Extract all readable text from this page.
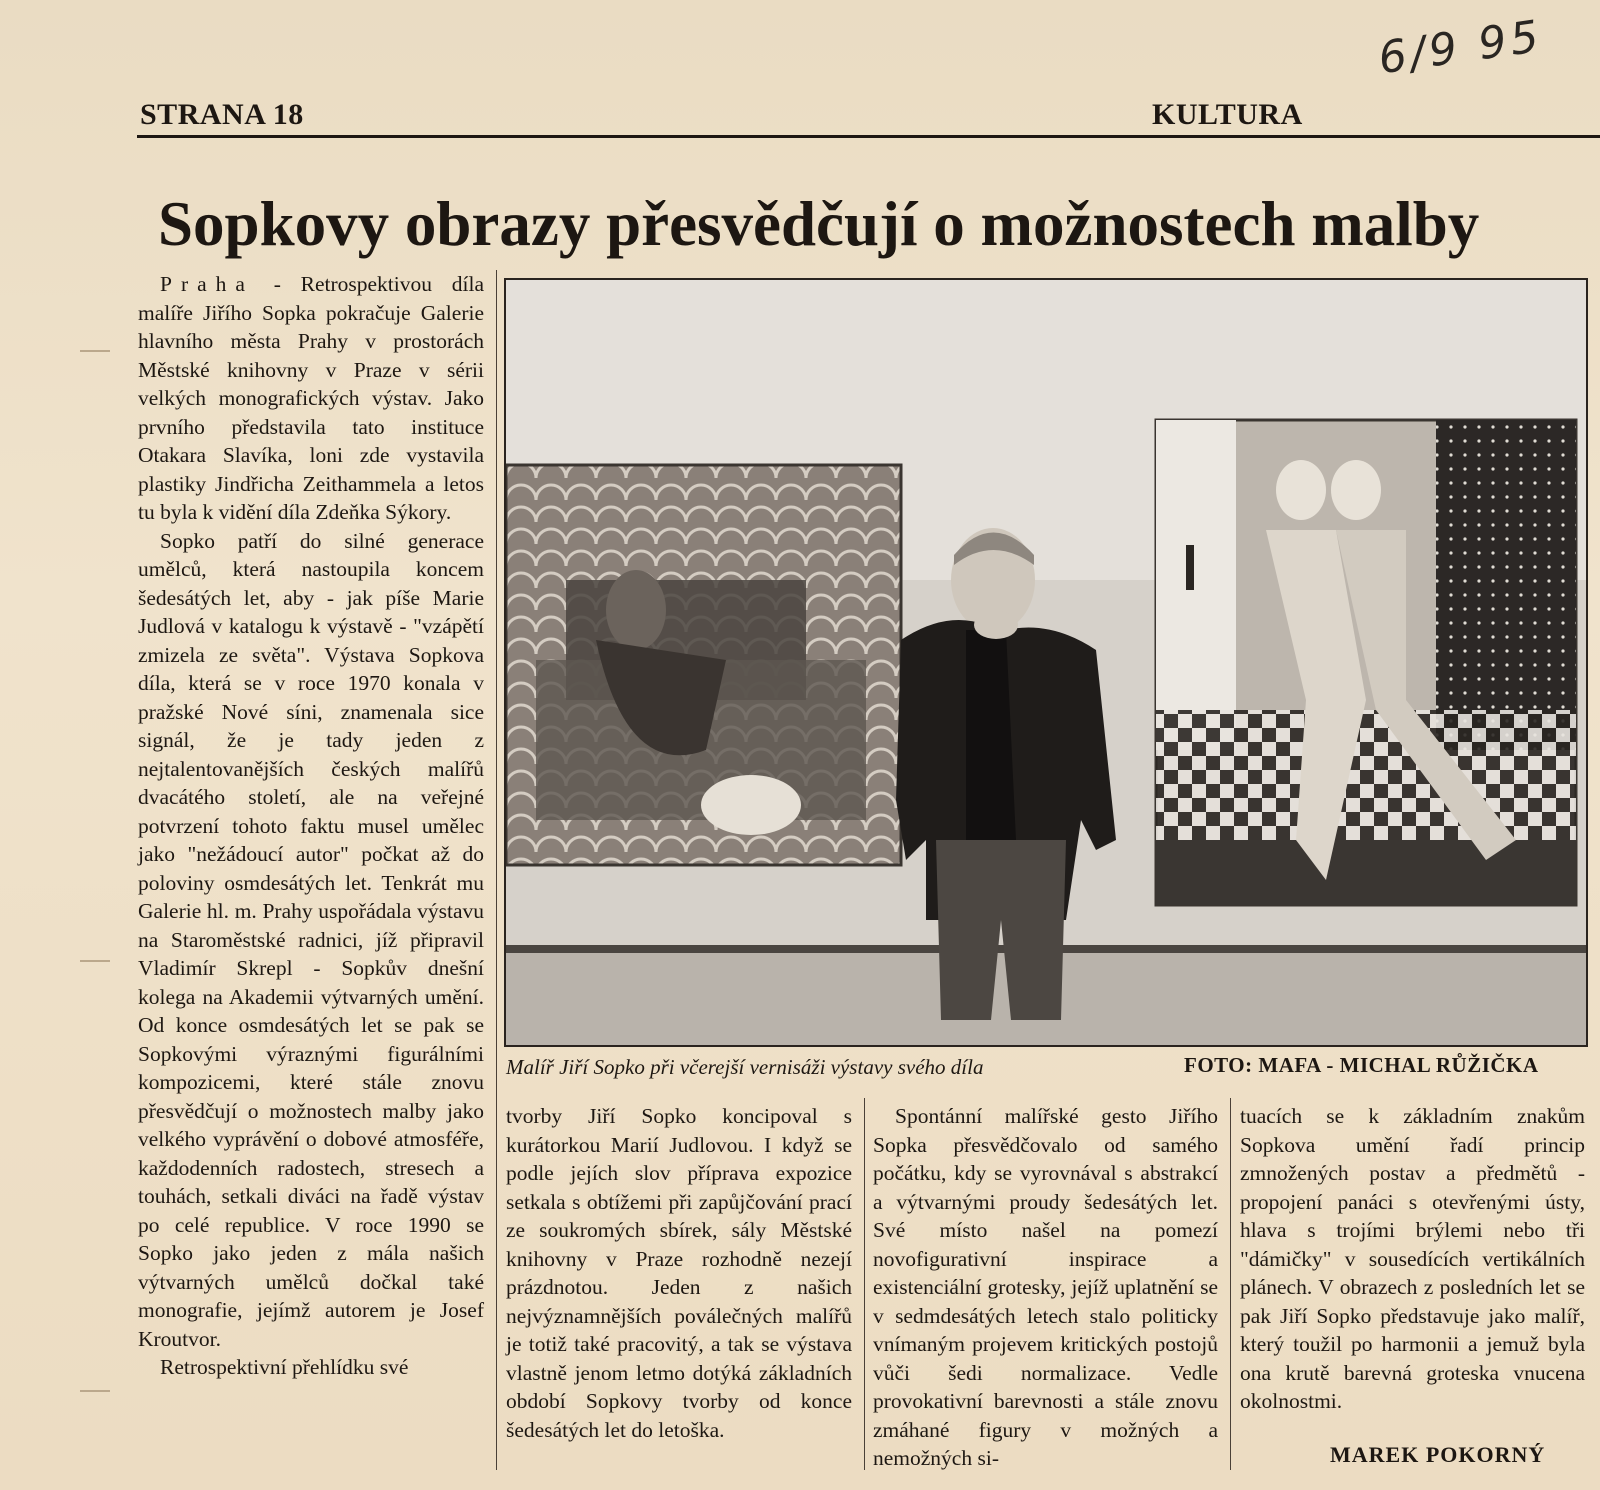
6/9 95
STRANA 18	KULTURA
Sopkovy obrazy přesvědčují o možnostech malby

Praha - Retrospektivou díla malíře Jiřího Sopka pokračuje Galerie hlavního města Prahy v prostorách Městské knihovny v Praze v sérii velkých monografických výstav. Jako prvního představila tato instituce Otakara Slavíka, loni zde vystavila plastiky Jindřicha Zeithammela a letos tu byla k vidění díla Zdeňka Sýkory.

Sopko patří do silné generace umělců, která nastoupila koncem šedesátých let, aby - jak píše Marie Judlová v katalogu k výstavě - "vzápětí zmizela ze světa". Výstava Sopkova díla, která se v roce 1970 konala v pražské Nové síni, znamenala sice signál, že je tady jeden z nejtalentovanějších českých malířů dvacátého století, ale na veřejné potvrzení tohoto faktu musel umělec jako "nežádoucí autor" počkat až do poloviny osmdesátých let. Tenkrát mu Galerie hl. m. Prahy uspořádala výstavu na Staroměstské radnici, jíž připravil Vladimír Skrepl - Sopkův dnešní kolega na Akademii výtvarných umění. Od konce osmdesátých let se pak se Sopkovými výraznými figurálními kompozicemi, které stále znovu přesvědčují o možnostech malby jako velkého vyprávění o dobové atmosféře, každodenních radostech, stresech a touhách, setkali diváci na řadě výstav po celé republice. V roce 1990 se Sopko jako jeden z mála našich výtvarných umělců dočkal také monografie, jejímž autorem je Josef Kroutvor.

Retrospektivní přehlídku své

Malíř Jiří Sopko při včerejší vernisáži výstavy svého díla	FOTO: MAFA - MICHAL RŮŽIČKA

tvorby Jiří Sopko koncipoval s kurátorkou Marií Judlovou. I když se podle jejích slov příprava expozice setkala s obtížemi při zapůjčování prací ze soukromých sbírek, sály Městské knihovny v Praze rozhodně nezejí prázdnotou. Jeden z našich nejvýznamnějších poválečných malířů je totiž také pracovitý, a tak se výstava vlastně jenom letmo dotýká základních období Sopkovy tvorby od konce šedesátých let do letoška.

Spontánní malířské gesto Jiřího Sopka přesvědčovalo od samého počátku, kdy se vyrovnával s abstrakcí a výtvarnými proudy šedesátých let. Své místo našel na pomezí novofigurativní inspirace a existenciální grotesky, jejíž uplatnění se v sedmdesátých letech stalo politicky vnímaným projevem kritických postojů vůči šedi normalizace. Vedle provokativní barevnosti a stále znovu zmáhané figury v možných a nemožných si-

tuacích se k základním znakům Sopkova umění řadí princip zmnožených postav a předmětů - propojení panáci s otevřenými ústy, hlava s trojími brýlemi nebo tři "dámičky" v sousedících vertikálních plánech. V obrazech z posledních let se pak Jiří Sopko představuje jako malíř, který toužil po harmonii a jemuž byla ona krutě barevná groteska vnucena okolnostmi.

MAREK POKORNÝ
